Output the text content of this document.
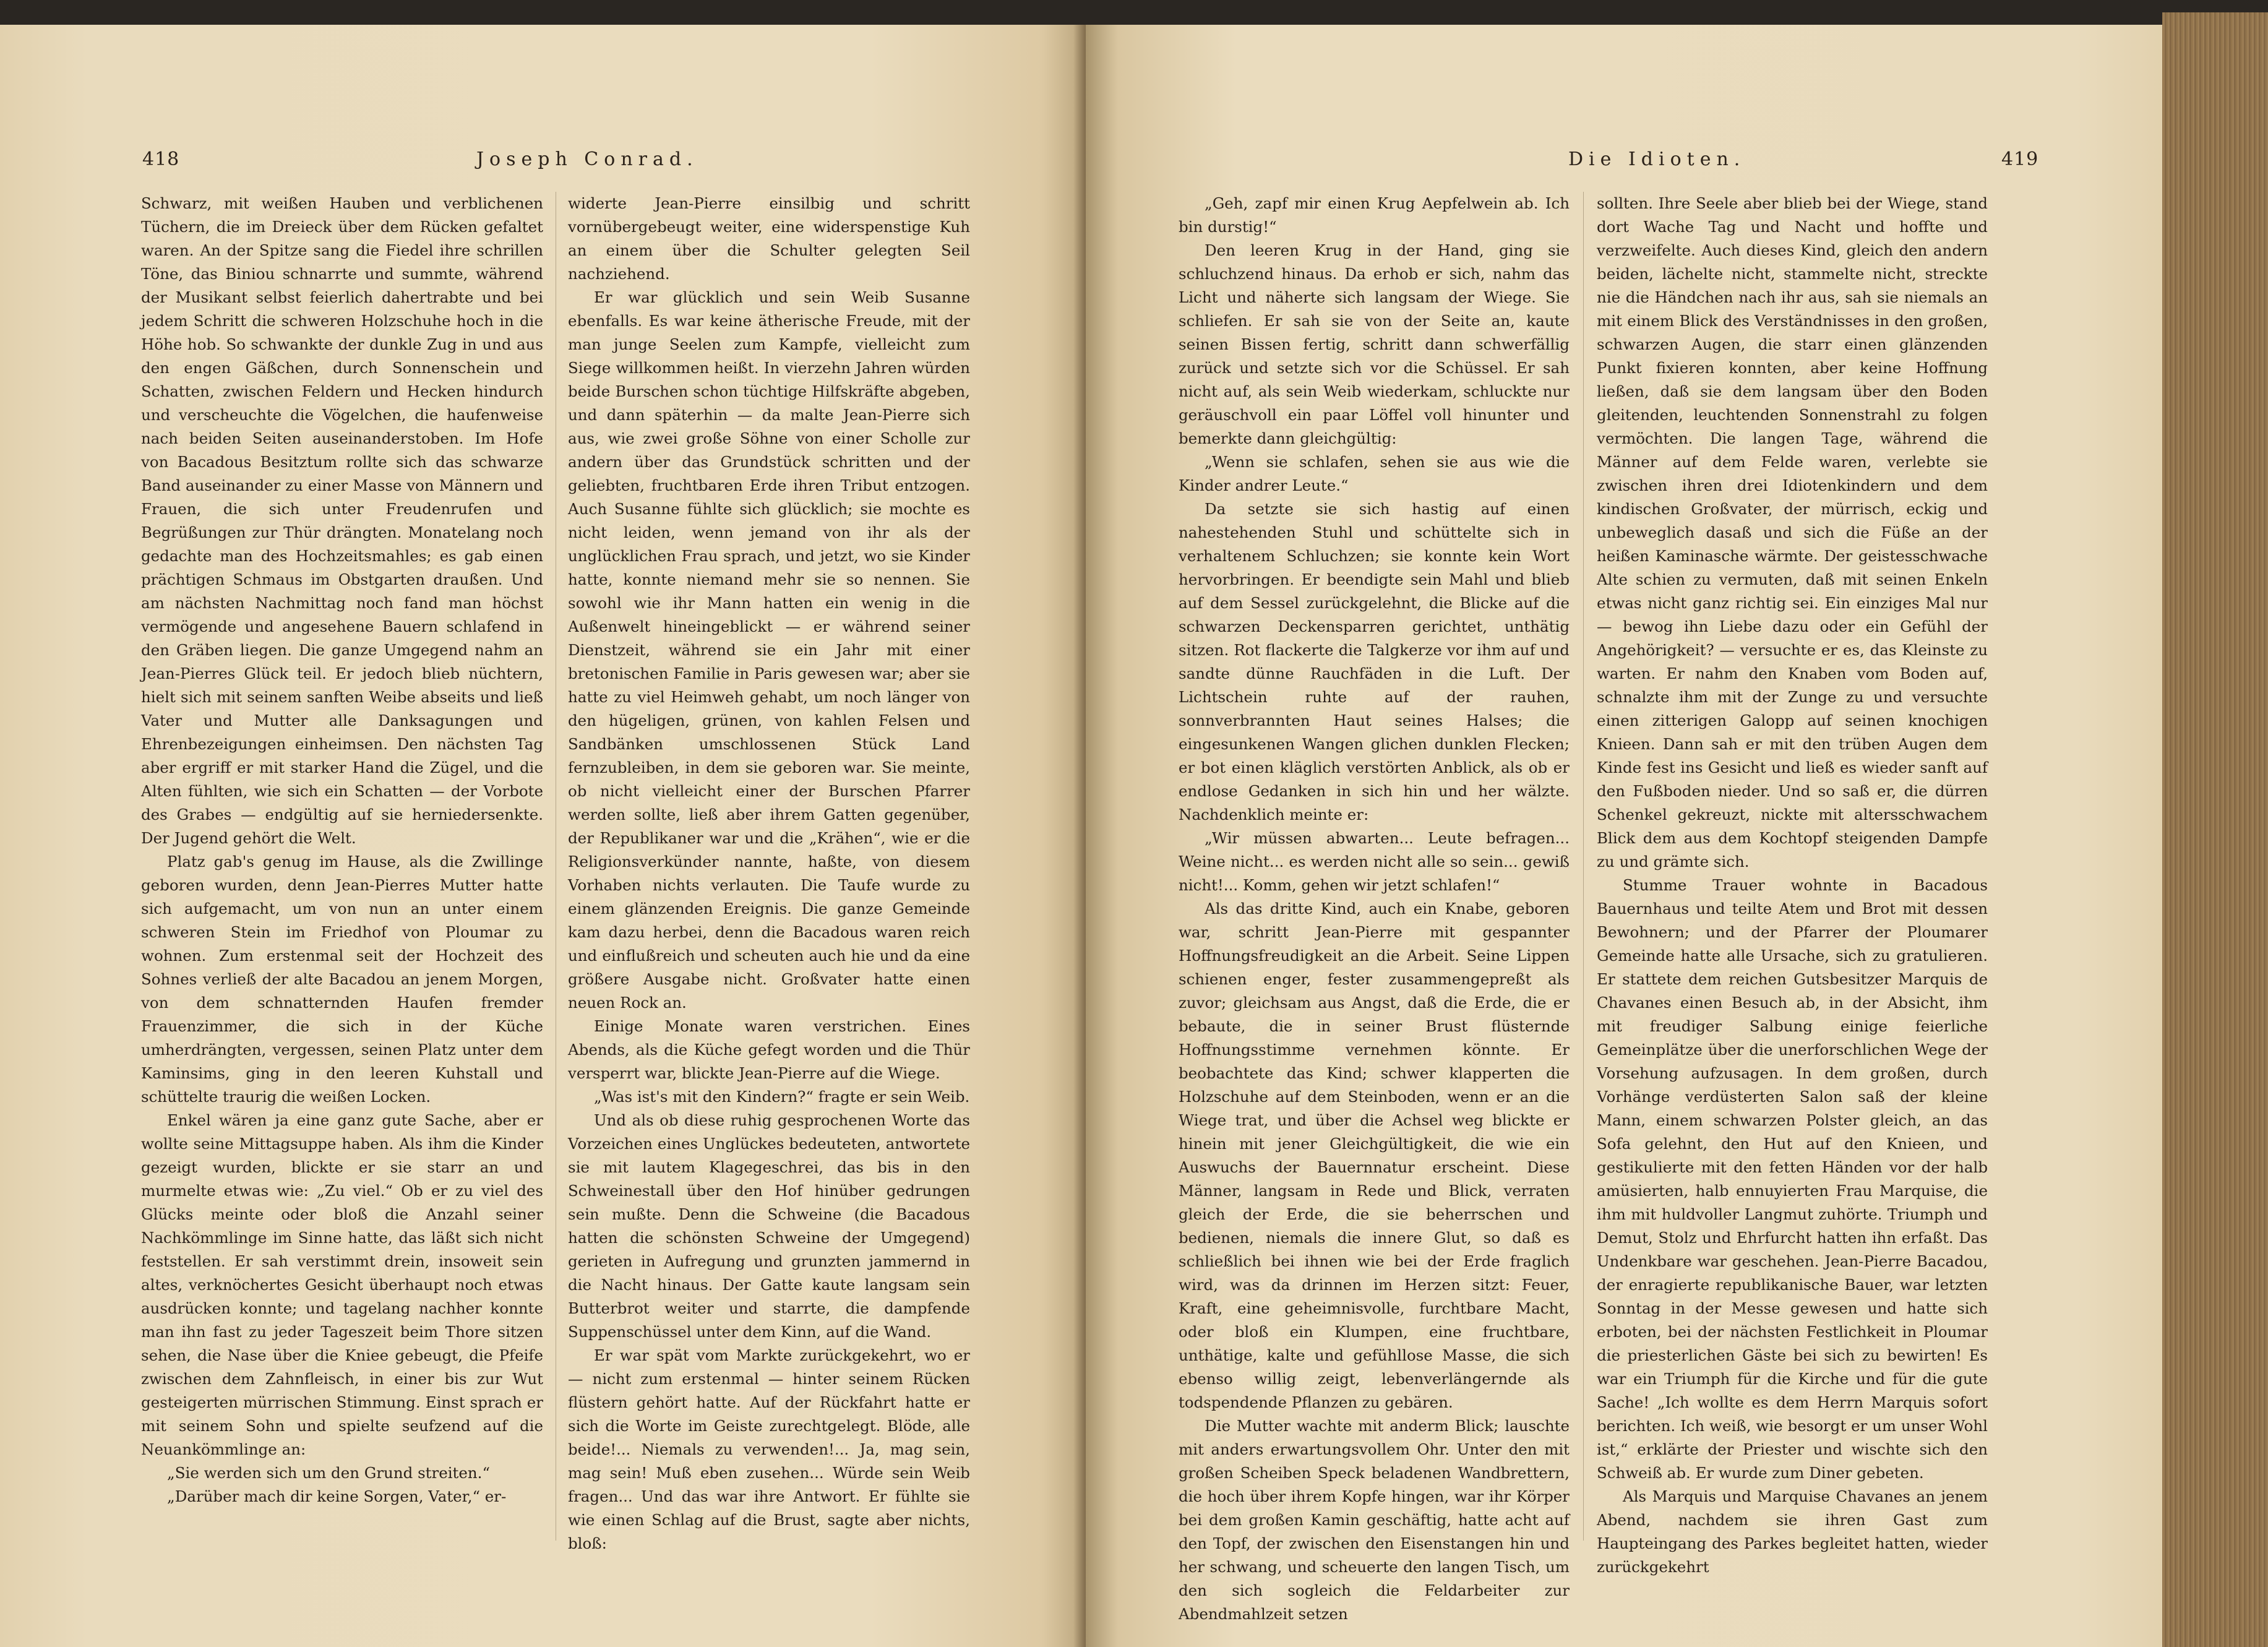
418	Joseph Conrad.

Schwarz, mit weißen Hauben und verblichenen Tüchern, die im Dreieck über dem Rücken gefaltet waren. An der Spitze sang die Fiedel ihre schrillen Töne, das Biniou schnarrte und summte, während der Musikant selbst feierlich dahertrabte und bei jedem Schritt die schweren Holzschuhe hoch in die Höhe hob. So schwankte der dunkle Zug in und aus den engen Gäßchen, durch Sonnenschein und Schatten, zwischen Feldern und Hecken hindurch und verscheuchte die Vögelchen, die haufenweise nach beiden Seiten auseinanderstoben. Im Hofe von Bacadous Besitztum rollte sich das schwarze Band auseinander zu einer Masse von Männern und Frauen, die sich unter Freudenrufen und Begrüßungen zur Thür drängten. Monatelang noch gedachte man des Hochzeitsmahles; es gab einen prächtigen Schmaus im Obstgarten draußen. Und am nächsten Nachmittag noch fand man höchst vermögende und angesehene Bauern schlafend in den Gräben liegen. Die ganze Umgegend nahm an Jean-Pierres Glück teil. Er jedoch blieb nüchtern, hielt sich mit seinem sanften Weibe abseits und ließ Vater und Mutter alle Danksagungen und Ehrenbezeigungen einheimsen. Den nächsten Tag aber ergriff er mit starker Hand die Zügel, und die Alten fühlten, wie sich ein Schatten — der Vorbote des Grabes — endgültig auf sie herniedersenkte. Der Jugend gehört die Welt.

Platz gab's genug im Hause, als die Zwillinge geboren wurden, denn Jean-Pierres Mutter hatte sich aufgemacht, um von nun an unter einem schweren Stein im Friedhof von Ploumar zu wohnen. Zum erstenmal seit der Hochzeit des Sohnes verließ der alte Bacadou an jenem Morgen, von dem schnatternden Haufen fremder Frauenzimmer, die sich in der Küche umherdrängten, vergessen, seinen Platz unter dem Kaminsims, ging in den leeren Kuhstall und schüttelte traurig die weißen Locken.

Enkel wären ja eine ganz gute Sache, aber er wollte seine Mittagsuppe haben. Als ihm die Kinder gezeigt wurden, blickte er sie starr an und murmelte etwas wie: „Zu viel.“ Ob er zu viel des Glücks meinte oder bloß die Anzahl seiner Nachkömmlinge im Sinne hatte, das läßt sich nicht feststellen. Er sah verstimmt drein, insoweit sein altes, verknöchertes Gesicht überhaupt noch etwas ausdrücken konnte; und tagelang nachher konnte man ihn fast zu jeder Tageszeit beim Thore sitzen sehen, die Nase über die Kniee gebeugt, die Pfeife zwischen dem Zahnfleisch, in einer bis zur Wut gesteigerten mürrischen Stimmung. Einst sprach er mit seinem Sohn und spielte seufzend auf die Neuankömmlinge an:

„Sie werden sich um den Grund streiten.“

„Darüber mach dir keine Sorgen, Vater,“ er-

widerte Jean-Pierre einsilbig und schritt vornübergebeugt weiter, eine widerspenstige Kuh an einem über die Schulter gelegten Seil nachziehend.

Er war glücklich und sein Weib Susanne ebenfalls. Es war keine ätherische Freude, mit der man junge Seelen zum Kampfe, vielleicht zum Siege willkommen heißt. In vierzehn Jahren würden beide Burschen schon tüchtige Hilfskräfte abgeben, und dann späterhin — da malte Jean-Pierre sich aus, wie zwei große Söhne von einer Scholle zur andern über das Grundstück schritten und der geliebten, fruchtbaren Erde ihren Tribut entzogen. Auch Susanne fühlte sich glücklich; sie mochte es nicht leiden, wenn jemand von ihr als der unglücklichen Frau sprach, und jetzt, wo sie Kinder hatte, konnte niemand mehr sie so nennen. Sie sowohl wie ihr Mann hatten ein wenig in die Außenwelt hineingeblickt — er während seiner Dienstzeit, während sie ein Jahr mit einer bretonischen Familie in Paris gewesen war; aber sie hatte zu viel Heimweh gehabt, um noch länger von den hügeligen, grünen, von kahlen Felsen und Sandbänken umschlossenen Stück Land fernzubleiben, in dem sie geboren war. Sie meinte, ob nicht vielleicht einer der Burschen Pfarrer werden sollte, ließ aber ihrem Gatten gegenüber, der Republikaner war und die „Krähen“, wie er die Religionsverkünder nannte, haßte, von diesem Vorhaben nichts verlauten. Die Taufe wurde zu einem glänzenden Ereignis. Die ganze Gemeinde kam dazu herbei, denn die Bacadous waren reich und einflußreich und scheuten auch hie und da eine größere Ausgabe nicht. Großvater hatte einen neuen Rock an.

Einige Monate waren verstrichen. Eines Abends, als die Küche gefegt worden und die Thür versperrt war, blickte Jean-Pierre auf die Wiege.

„Was ist's mit den Kindern?“ fragte er sein Weib.

Und als ob diese ruhig gesprochenen Worte das Vorzeichen eines Unglückes bedeuteten, antwortete sie mit lautem Klagegeschrei, das bis in den Schweinestall über den Hof hinüber gedrungen sein mußte. Denn die Schweine (die Bacadous hatten die schönsten Schweine der Umgegend) gerieten in Aufregung und grunzten jammernd in die Nacht hinaus. Der Gatte kaute langsam sein Butterbrot weiter und starrte, die dampfende Suppenschüssel unter dem Kinn, auf die Wand.

Er war spät vom Markte zurückgekehrt, wo er — nicht zum erstenmal — hinter seinem Rücken flüstern gehört hatte. Auf der Rückfahrt hatte er sich die Worte im Geiste zurechtgelegt. Blöde, alle beide!... Niemals zu verwenden!... Ja, mag sein, mag sein! Muß eben zusehen... Würde sein Weib fragen... Und das war ihre Antwort. Er fühlte sie wie einen Schlag auf die Brust, sagte aber nichts, bloß:

Die Idioten.	419

„Geh, zapf mir einen Krug Aepfelwein ab. Ich bin durstig!“

Den leeren Krug in der Hand, ging sie schluchzend hinaus. Da erhob er sich, nahm das Licht und näherte sich langsam der Wiege. Sie schliefen. Er sah sie von der Seite an, kaute seinen Bissen fertig, schritt dann schwerfällig zurück und setzte sich vor die Schüssel. Er sah nicht auf, als sein Weib wiederkam, schluckte nur geräuschvoll ein paar Löffel voll hinunter und bemerkte dann gleichgültig:

„Wenn sie schlafen, sehen sie aus wie die Kinder andrer Leute.“

Da setzte sie sich hastig auf einen nahestehenden Stuhl und schüttelte sich in verhaltenem Schluchzen; sie konnte kein Wort hervorbringen. Er beendigte sein Mahl und blieb auf dem Sessel zurückgelehnt, die Blicke auf die schwarzen Deckensparren gerichtet, unthätig sitzen. Rot flackerte die Talgkerze vor ihm auf und sandte dünne Rauchfäden in die Luft. Der Lichtschein ruhte auf der rauhen, sonnverbrannten Haut seines Halses; die eingesunkenen Wangen glichen dunklen Flecken; er bot einen kläglich verstörten Anblick, als ob er endlose Gedanken in sich hin und her wälzte. Nachdenklich meinte er:

„Wir müssen abwarten... Leute befragen... Weine nicht... es werden nicht alle so sein... gewiß nicht!... Komm, gehen wir jetzt schlafen!“

Als das dritte Kind, auch ein Knabe, geboren war, schritt Jean-Pierre mit gespannter Hoffnungsfreudigkeit an die Arbeit. Seine Lippen schienen enger, fester zusammengepreßt als zuvor; gleichsam aus Angst, daß die Erde, die er bebaute, die in seiner Brust flüsternde Hoffnungsstimme vernehmen könnte. Er beobachtete das Kind; schwer klapperten die Holzschuhe auf dem Steinboden, wenn er an die Wiege trat, und über die Achsel weg blickte er hinein mit jener Gleichgültigkeit, die wie ein Auswuchs der Bauernnatur erscheint. Diese Männer, langsam in Rede und Blick, verraten gleich der Erde, die sie beherrschen und bedienen, niemals die innere Glut, so daß es schließlich bei ihnen wie bei der Erde fraglich wird, was da drinnen im Herzen sitzt: Feuer, Kraft, eine geheimnisvolle, furchtbare Macht, oder bloß ein Klumpen, eine fruchtbare, unthätige, kalte und gefühllose Masse, die sich ebenso willig zeigt, lebenverlängernde als todspendende Pflanzen zu gebären.

Die Mutter wachte mit anderm Blick; lauschte mit anders erwartungsvollem Ohr. Unter den mit großen Scheiben Speck beladenen Wandbrettern, die hoch über ihrem Kopfe hingen, war ihr Körper bei dem großen Kamin geschäftig, hatte acht auf den Topf, der zwischen den Eisenstangen hin und her schwang, und scheuerte den langen Tisch, um den sich sogleich die Feldarbeiter zur Abendmahlzeit setzen

sollten. Ihre Seele aber blieb bei der Wiege, stand dort Wache Tag und Nacht und hoffte und verzweifelte. Auch dieses Kind, gleich den andern beiden, lächelte nicht, stammelte nicht, streckte nie die Händchen nach ihr aus, sah sie niemals an mit einem Blick des Verständnisses in den großen, schwarzen Augen, die starr einen glänzenden Punkt fixieren konnten, aber keine Hoffnung ließen, daß sie dem langsam über den Boden gleitenden, leuchtenden Sonnenstrahl zu folgen vermöchten. Die langen Tage, während die Männer auf dem Felde waren, verlebte sie zwischen ihren drei Idiotenkindern und dem kindischen Großvater, der mürrisch, eckig und unbeweglich dasaß und sich die Füße an der heißen Kaminasche wärmte. Der geistesschwache Alte schien zu vermuten, daß mit seinen Enkeln etwas nicht ganz richtig sei. Ein einziges Mal nur — bewog ihn Liebe dazu oder ein Gefühl der Angehörigkeit? — versuchte er es, das Kleinste zu warten. Er nahm den Knaben vom Boden auf, schnalzte ihm mit der Zunge zu und versuchte einen zitterigen Galopp auf seinen knochigen Knieen. Dann sah er mit den trüben Augen dem Kinde fest ins Gesicht und ließ es wieder sanft auf den Fußboden nieder. Und so saß er, die dürren Schenkel gekreuzt, nickte mit altersschwachem Blick dem aus dem Kochtopf steigenden Dampfe zu und grämte sich.

Stumme Trauer wohnte in Bacadous Bauernhaus und teilte Atem und Brot mit dessen Bewohnern; und der Pfarrer der Ploumarer Gemeinde hatte alle Ursache, sich zu gratulieren. Er stattete dem reichen Gutsbesitzer Marquis de Chavanes einen Besuch ab, in der Absicht, ihm mit freudiger Salbung einige feierliche Gemeinplätze über die unerforschlichen Wege der Vorsehung aufzusagen. In dem großen, durch Vorhänge verdüsterten Salon saß der kleine Mann, einem schwarzen Polster gleich, an das Sofa gelehnt, den Hut auf den Knieen, und gestikulierte mit den fetten Händen vor der halb amüsierten, halb ennuyierten Frau Marquise, die ihm mit huldvoller Langmut zuhörte. Triumph und Demut, Stolz und Ehrfurcht hatten ihn erfaßt. Das Undenkbare war geschehen. Jean-Pierre Bacadou, der enragierte republikanische Bauer, war letzten Sonntag in der Messe gewesen und hatte sich erboten, bei der nächsten Festlichkeit in Ploumar die priesterlichen Gäste bei sich zu bewirten! Es war ein Triumph für die Kirche und für die gute Sache! „Ich wollte es dem Herrn Marquis sofort berichten. Ich weiß, wie besorgt er um unser Wohl ist,“ erklärte der Priester und wischte sich den Schweiß ab. Er wurde zum Diner gebeten.

Als Marquis und Marquise Chavanes an jenem Abend, nachdem sie ihren Gast zum Haupteingang des Parkes begleitet hatten, wieder zurückgekehrt
